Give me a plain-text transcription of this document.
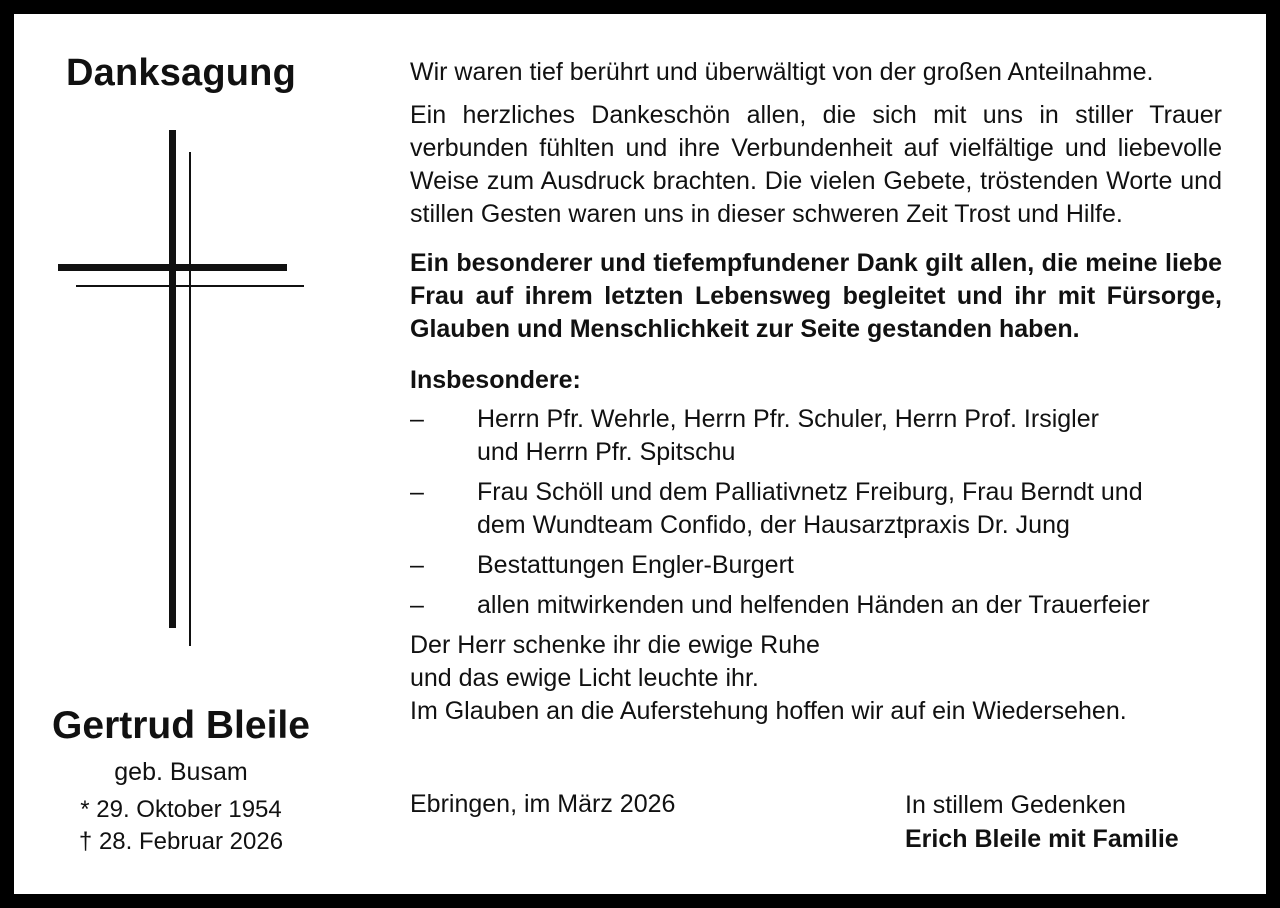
Danksagung
Gertrud Bleile
geb. Busam
* 29. Oktober 1954
† 28. Februar 2026

Wir waren tief berührt und überwältigt von der großen Anteilnahme.

Ein herzliches Dankeschön allen, die sich mit uns in stiller Trauer verbunden fühlten und ihre Verbundenheit auf vielfältige und liebevolle Weise zum Ausdruck brachten. Die vielen Gebete, tröstenden Worte und stillen Gesten waren uns in dieser schweren Zeit Trost und Hilfe.

Ein besonderer und tiefempfundener Dank gilt allen, die meine liebe Frau auf ihrem letzten Lebensweg begleitet und ihr mit Fürsorge, Glauben und Menschlichkeit zur Seite gestanden haben.

Insbesondere:
–	Herrn Pfr. Wehrle, Herrn Pfr. Schuler, Herrn Prof. Irsigler
und Herrn Pfr. Spitschu
–	Frau Schöll und dem Palliativnetz Freiburg, Frau Berndt und
dem Wundteam Confido, der Hausarztpraxis Dr. Jung
–	Bestattungen Engler-Burgert
–	allen mitwirkenden und helfenden Händen an der Trauerfeier
Der Herr schenke ihr die ewige Ruhe
und das ewige Licht leuchte ihr.
Im Glauben an die Auferstehung hoffen wir auf ein Wiedersehen.
Ebringen, im März 2026	In stillem Gedenken
Erich Bleile mit Familie
